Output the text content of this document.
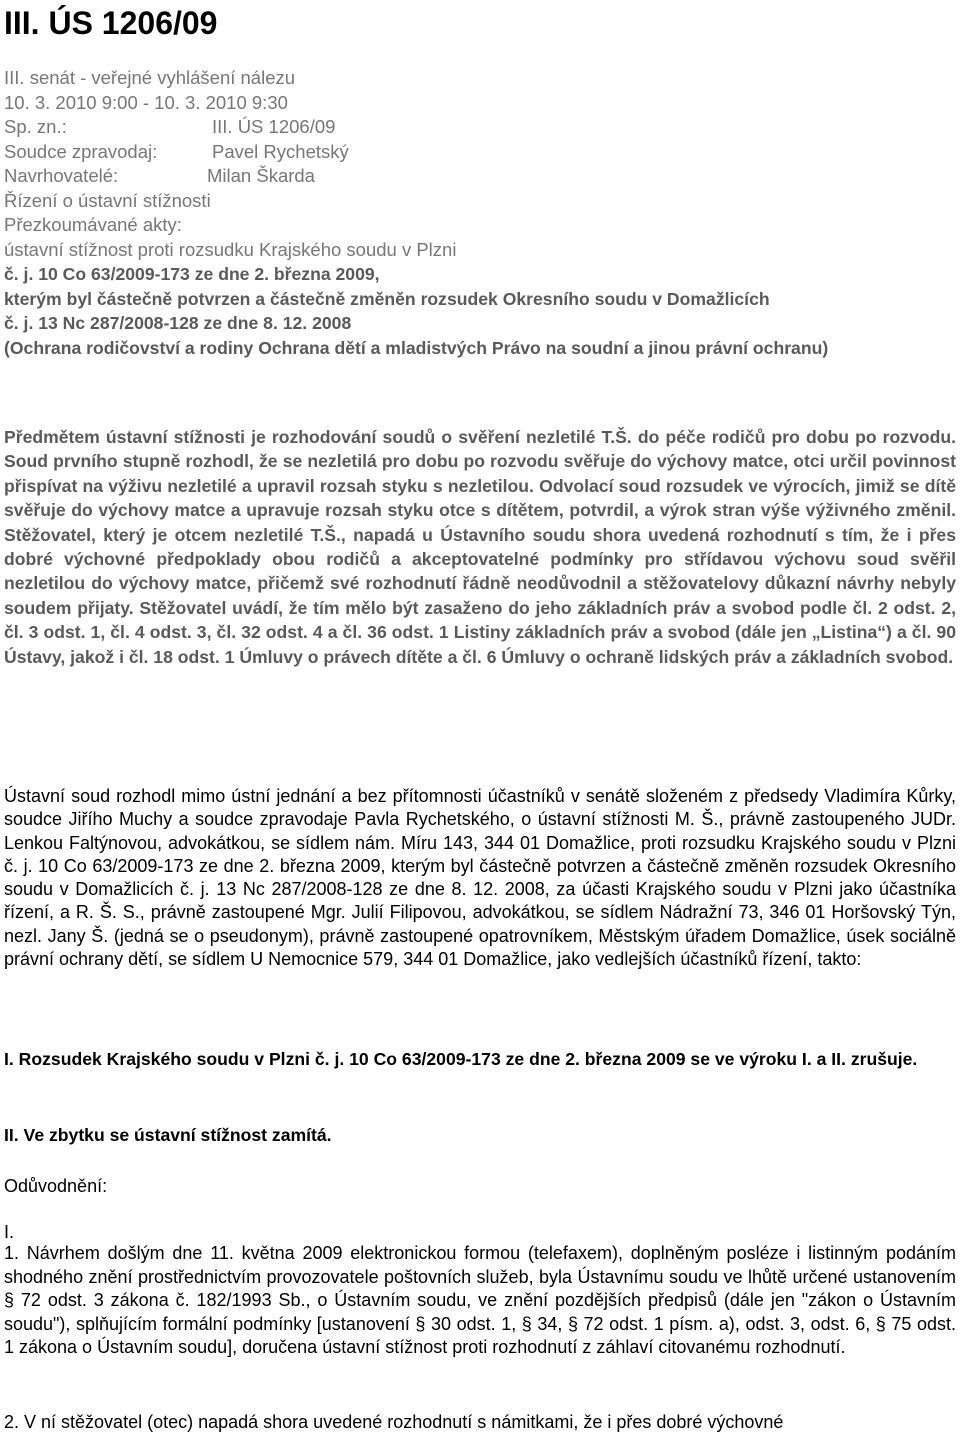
III. ÚS 1206/09
III. senát - veřejné vyhlášení nálezu
10. 3. 2010 9:00 - 10. 3. 2010 9:30
Sp. zn.:	III. ÚS 1206/09
Soudce zpravodaj:	Pavel Rychetský
Navrhovatelé:	Milan Škarda
Řízení o ústavní stížnosti
Přezkoumávané akty:
ústavní stížnost proti rozsudku Krajského soudu v Plzni
č. j. 10 Co 63/2009-173 ze dne 2. března 2009,
kterým byl částečně potvrzen a částečně změněn rozsudek Okresního soudu v Domažlicích
č. j. 13 Nc 287/2008-128 ze dne 8. 12. 2008
(Ochrana rodičovství a rodiny Ochrana dětí a mladistvých Právo na soudní a jinou právní ochranu)
Předmětem ústavní stížnosti je rozhodování soudů o svěření nezletilé T.Š. do péče rodičů pro dobu po rozvodu. Soud prvního stupně rozhodl, že se nezletilá pro dobu po rozvodu svěřuje do výchovy matce, otci určil povinnost přispívat na výživu nezletilé a upravil rozsah styku s nezletilou. Odvolací soud rozsudek ve výrocích, jimiž se dítě svěřuje do výchovy matce a upravuje rozsah styku otce s dítětem, potvrdil, a výrok stran výše výživného změnil. Stěžovatel, který je otcem nezletilé T.Š., napadá u Ústavního soudu shora uvedená rozhodnutí s tím, že i přes dobré výchovné předpoklady obou rodičů a akceptovatelné podmínky pro střídavou výchovu soud svěřil nezletilou do výchovy matce, přičemž své rozhodnutí řádně neodůvodnil a stěžovatelovy důkazní návrhy nebyly soudem přijaty. Stěžovatel uvádí, že tím mělo být zasaženo do jeho základních práv a svobod podle čl. 2 odst. 2, čl. 3 odst. 1, čl. 4 odst. 3, čl. 32 odst. 4 a čl. 36 odst. 1 Listiny základních práv a svobod (dále jen „Listina“) a čl. 90 Ústavy, jakož i čl. 18 odst. 1 Úmluvy o právech dítěte a čl. 6 Úmluvy o ochraně lidských práv a základních svobod.
Ústavní soud rozhodl mimo ústní jednání a bez přítomnosti účastníků v senátě složeném z předsedy Vladimíra Kůrky, soudce Jiřího Muchy a soudce zpravodaje Pavla Rychetského, o ústavní stížnosti M. Š., právně zastoupeného JUDr. Lenkou Faltýnovou, advokátkou, se sídlem nám. Míru 143, 344 01 Domažlice, proti rozsudku Krajského soudu v Plzni č. j. 10 Co 63/2009-173 ze dne 2. března 2009, kterým byl částečně potvrzen a částečně změněn rozsudek Okresního soudu v Domažlicích č. j. 13 Nc 287/2008-128 ze dne 8. 12. 2008, za účasti Krajského soudu v Plzni jako účastníka řízení, a R. Š. S., právně zastoupené Mgr. Julií Filipovou, advokátkou, se sídlem Nádražní 73, 346 01 Horšovský Týn, nezl. Jany Š. (jedná se o pseudonym), právně zastoupené opatrovníkem, Městským úřadem Domažlice, úsek sociálně právní ochrany dětí, se sídlem U Nemocnice 579, 344 01 Domažlice, jako vedlejších účastníků řízení, takto:
I. Rozsudek Krajského soudu v Plzni č. j. 10 Co 63/2009-173 ze dne 2. března 2009 se ve výroku I. a II. zrušuje.
II. Ve zbytku se ústavní stížnost zamítá.
Odůvodnění:
I.
1. Návrhem došlým dne 11. května 2009 elektronickou formou (telefaxem), doplněným posléze i listinným podáním shodného znění prostřednictvím provozovatele poštovních služeb, byla Ústavnímu soudu ve lhůtě určené ustanovením § 72 odst. 3 zákona č. 182/1993 Sb., o Ústavním soudu, ve znění pozdějších předpisů (dále jen "zákon o Ústavním soudu"), splňujícím formální podmínky [ustanovení § 30 odst. 1, § 34, § 72 odst. 1 písm. a), odst. 3, odst. 6, § 75 odst. 1 zákona o Ústavním soudu], doručena ústavní stížnost proti rozhodnutí z záhlaví citovanému rozhodnutí.
2. V ní stěžovatel (otec) napadá shora uvedené rozhodnutí s námitkami, že i přes dobré výchovné
